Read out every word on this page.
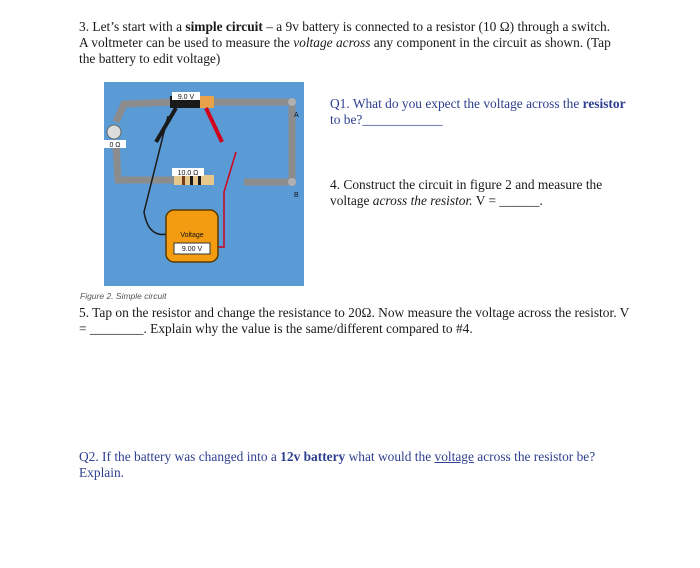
3. Let’s start with a simple circuit – a 9v battery is connected to a resistor (10 Ω) through a switch. A voltmeter can be used to measure the voltage across any component in the circuit as shown. (Tap the battery to edit voltage)
9.0 V
10.0 Ω
0 Ω
A
B
Voltage
9.00 V
Figure 2. Simple circuit
Q1. What do you expect the voltage across the resistor to be?____________
4. Construct the circuit in figure 2 and measure the voltage across the resistor. V = ______.
5. Tap on the resistor and change the resistance to 20Ω. Now measure the voltage across the resistor. V = ________. Explain why the value is the same/different compared to #4.
Q2. If the battery was changed into a 12v battery what would the voltage across the resistor be? Explain.
